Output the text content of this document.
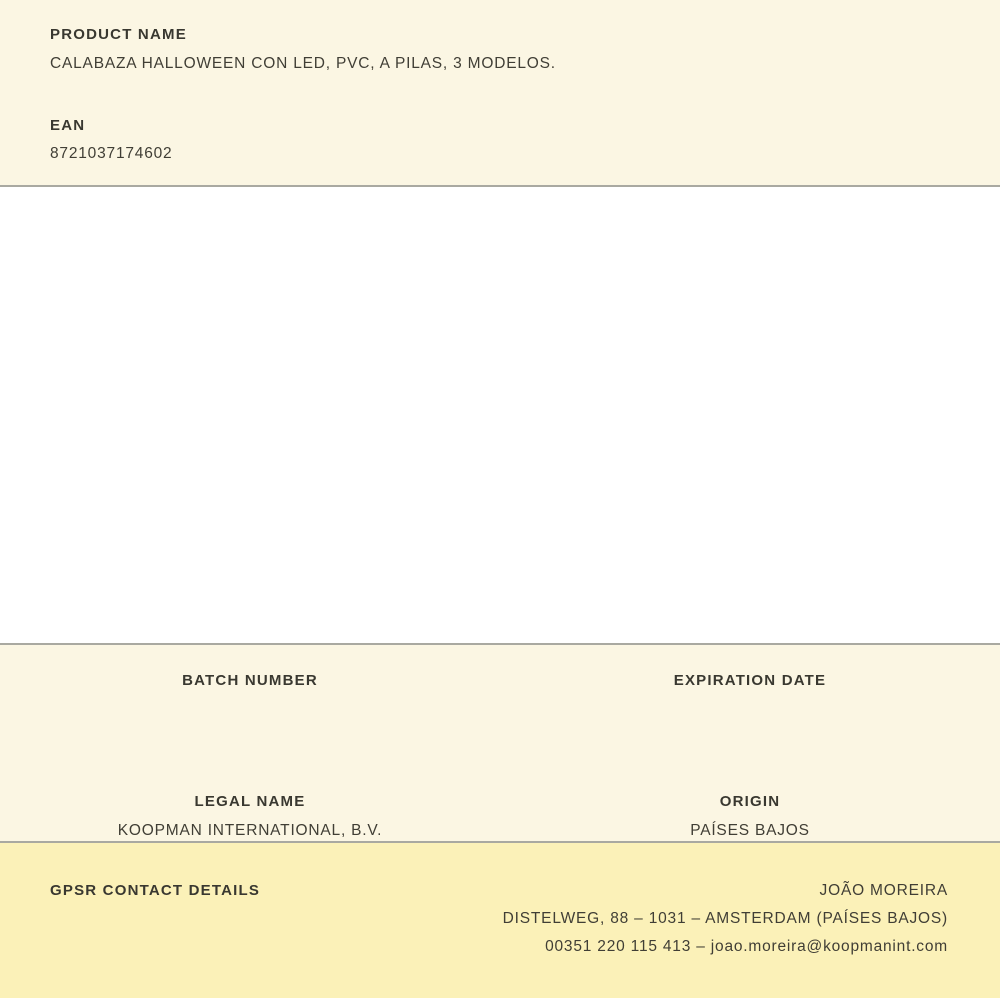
PRODUCT NAME
CALABAZA HALLOWEEN CON LED, PVC, A PILAS, 3 MODELOS.
EAN
8721037174602
BATCH NUMBER	EXPIRATION DATE
LEGAL NAME
KOOPMAN INTERNATIONAL, B.V.
ORIGIN
PAÍSES BAJOS
GPSR CONTACT DETAILS	JOÃO MOREIRA
DISTELWEG, 88 – 1031 – AMSTERDAM (PAÍSES BAJOS)
00351 220 115 413 – joao.moreira@koopmanint.com
